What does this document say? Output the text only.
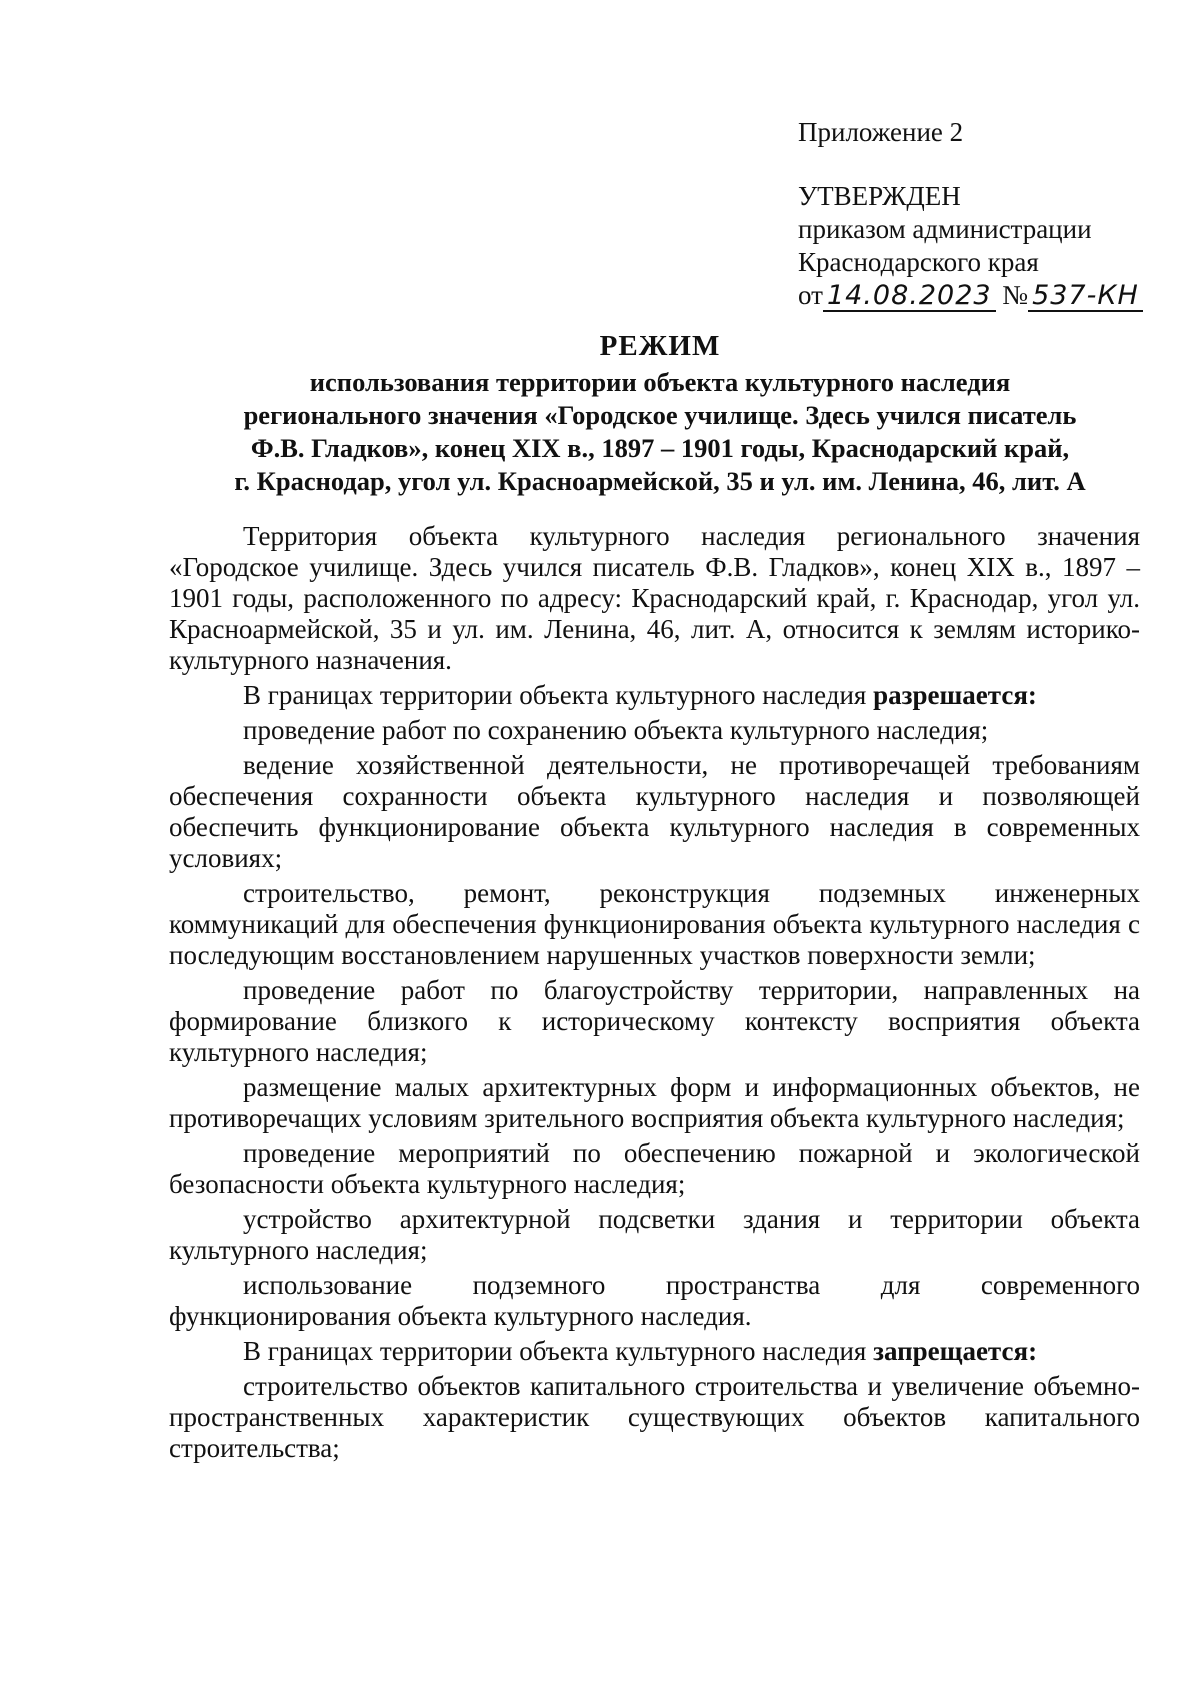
Приложение 2
УТВЕРЖДЕН
приказом администрации
Краснодарского края
от 14.08.2023 № 537-КН
РЕЖИМ
использования территории объекта культурного наследия
регионального значения «Городское училище. Здесь учился писатель
Ф.В. Гладков», конец XIX в., 1897 – 1901 годы, Краснодарский край,
г. Краснодар, угол ул. Красноармейской, 35 и ул. им. Ленина, 46, лит. А

Территория объекта культурного наследия регионального значения «Городское училище. Здесь учился писатель Ф.В. Гладков», конец XIX в., 1897 – 1901 годы, расположенного по адресу: Краснодарский край, г. Краснодар, угол ул. Красноармейской, 35 и ул. им. Ленина, 46, лит. А, относится к землям историко-культурного назначения.

В границах территории объекта культурного наследия разрешается:

проведение работ по сохранению объекта культурного наследия;

ведение хозяйственной деятельности, не противоречащей требованиям обеспечения сохранности объекта культурного наследия и позволяющей обеспечить функционирование объекта культурного наследия в современных условиях;

строительство, ремонт, реконструкция подземных инженерных коммуникаций для обеспечения функционирования объекта культурного наследия с последующим восстановлением нарушенных участков поверхности земли;

проведение работ по благоустройству территории, направленных на формирование близкого к историческому контексту восприятия объекта культурного наследия;

размещение малых архитектурных форм и информационных объектов, не противоречащих условиям зрительного восприятия объекта культурного наследия;

проведение мероприятий по обеспечению пожарной и экологической безопасности объекта культурного наследия;

устройство архитектурной подсветки здания и территории объекта культурного наследия;

использование подземного пространства для современного функционирования объекта культурного наследия.

В границах территории объекта культурного наследия запрещается:

строительство объектов капитального строительства и увеличение объемно-пространственных характеристик существующих объектов капитального строительства;
